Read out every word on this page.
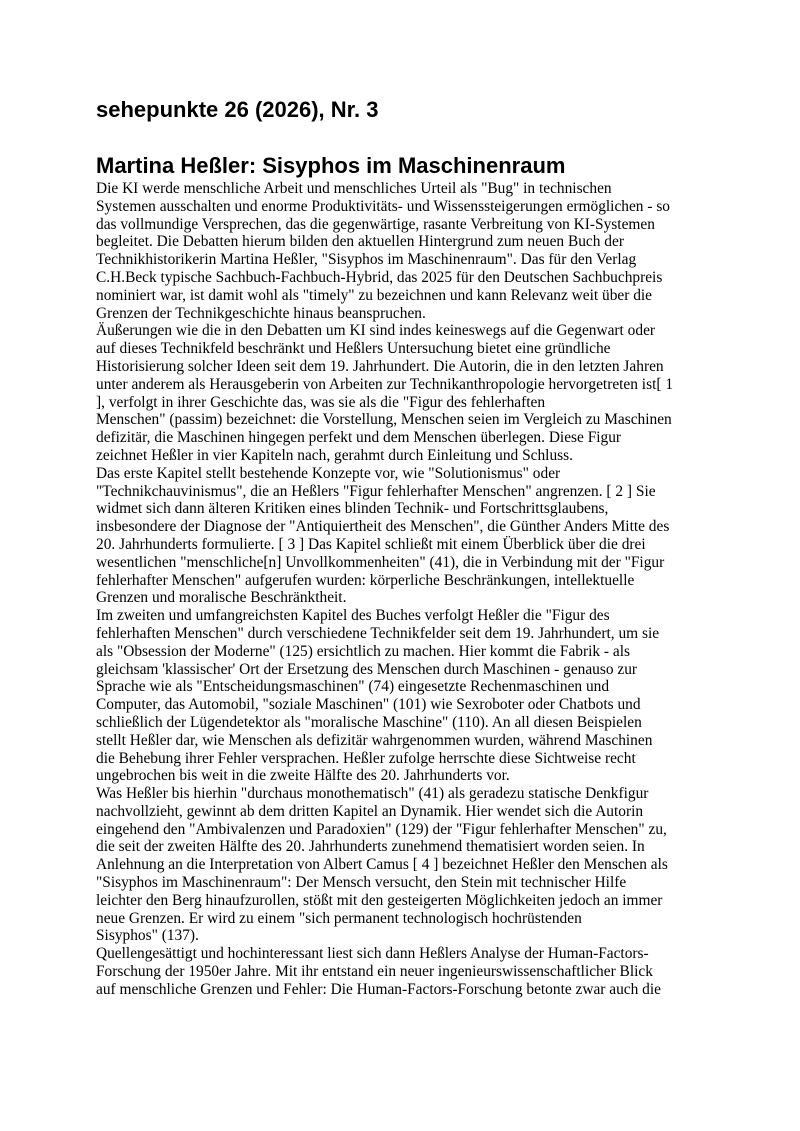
sehepunkte 26 (2026), Nr. 3
Martina Heßler: Sisyphos im Maschinenraum
Die KI werde menschliche Arbeit und menschliches Urteil als "Bug" in technischen
Systemen ausschalten und enorme Produktivitäts- und Wissenssteigerungen ermöglichen - so
das vollmundige Versprechen, das die gegenwärtige, rasante Verbreitung von KI-Systemen
begleitet. Die Debatten hierum bilden den aktuellen Hintergrund zum neuen Buch der
Technikhistorikerin Martina Heßler, "Sisyphos im Maschinenraum". Das für den Verlag
C.H.Beck typische Sachbuch-Fachbuch-Hybrid, das 2025 für den Deutschen Sachbuchpreis
nominiert war, ist damit wohl als "timely" zu bezeichnen und kann Relevanz weit über die
Grenzen der Technikgeschichte hinaus beanspruchen.
Äußerungen wie die in den Debatten um KI sind indes keineswegs auf die Gegenwart oder
auf dieses Technikfeld beschränkt und Heßlers Untersuchung bietet eine gründliche
Historisierung solcher Ideen seit dem 19. Jahrhundert. Die Autorin, die in den letzten Jahren
unter anderem als Herausgeberin von Arbeiten zur Technikanthropologie hervorgetreten ist[ 1
], verfolgt in ihrer Geschichte das, was sie als die "Figur des fehlerhaften
Menschen" (passim) bezeichnet: die Vorstellung, Menschen seien im Vergleich zu Maschinen
defizitär, die Maschinen hingegen perfekt und dem Menschen überlegen. Diese Figur
zeichnet Heßler in vier Kapiteln nach, gerahmt durch Einleitung und Schluss.
Das erste Kapitel stellt bestehende Konzepte vor, wie "Solutionismus" oder
"Technikchauvinismus", die an Heßlers "Figur fehlerhafter Menschen" angrenzen. [ 2 ] Sie
widmet sich dann älteren Kritiken eines blinden Technik- und Fortschrittsglaubens,
insbesondere der Diagnose der "Antiquiertheit des Menschen", die Günther Anders Mitte des
20. Jahrhunderts formulierte. [ 3 ] Das Kapitel schließt mit einem Überblick über die drei
wesentlichen "menschliche[n] Unvollkommenheiten" (41), die in Verbindung mit der "Figur
fehlerhafter Menschen" aufgerufen wurden: körperliche Beschränkungen, intellektuelle
Grenzen und moralische Beschränktheit.
Im zweiten und umfangreichsten Kapitel des Buches verfolgt Heßler die "Figur des
fehlerhaften Menschen" durch verschiedene Technikfelder seit dem 19. Jahrhundert, um sie
als "Obsession der Moderne" (125) ersichtlich zu machen. Hier kommt die Fabrik - als
gleichsam 'klassischer' Ort der Ersetzung des Menschen durch Maschinen - genauso zur
Sprache wie als "Entscheidungsmaschinen" (74) eingesetzte Rechenmaschinen und
Computer, das Automobil, "soziale Maschinen" (101) wie Sexroboter oder Chatbots und
schließlich der Lügendetektor als "moralische Maschine" (110). An all diesen Beispielen
stellt Heßler dar, wie Menschen als defizitär wahrgenommen wurden, während Maschinen
die Behebung ihrer Fehler versprachen. Heßler zufolge herrschte diese Sichtweise recht
ungebrochen bis weit in die zweite Hälfte des 20. Jahrhunderts vor.
Was Heßler bis hierhin "durchaus monothematisch" (41) als geradezu statische Denkfigur
nachvollzieht, gewinnt ab dem dritten Kapitel an Dynamik. Hier wendet sich die Autorin
eingehend den "Ambivalenzen und Paradoxien" (129) der "Figur fehlerhafter Menschen" zu,
die seit der zweiten Hälfte des 20. Jahrhunderts zunehmend thematisiert worden seien. In
Anlehnung an die Interpretation von Albert Camus [ 4 ] bezeichnet Heßler den Menschen als
"Sisyphos im Maschinenraum": Der Mensch versucht, den Stein mit technischer Hilfe
leichter den Berg hinaufzurollen, stößt mit den gesteigerten Möglichkeiten jedoch an immer
neue Grenzen. Er wird zu einem "sich permanent technologisch hochrüstenden
Sisyphos" (137).
Quellengesättigt und hochinteressant liest sich dann Heßlers Analyse der Human-Factors-
Forschung der 1950er Jahre. Mit ihr entstand ein neuer ingenieurswissenschaftlicher Blick
auf menschliche Grenzen und Fehler: Die Human-Factors-Forschung betonte zwar auch die
